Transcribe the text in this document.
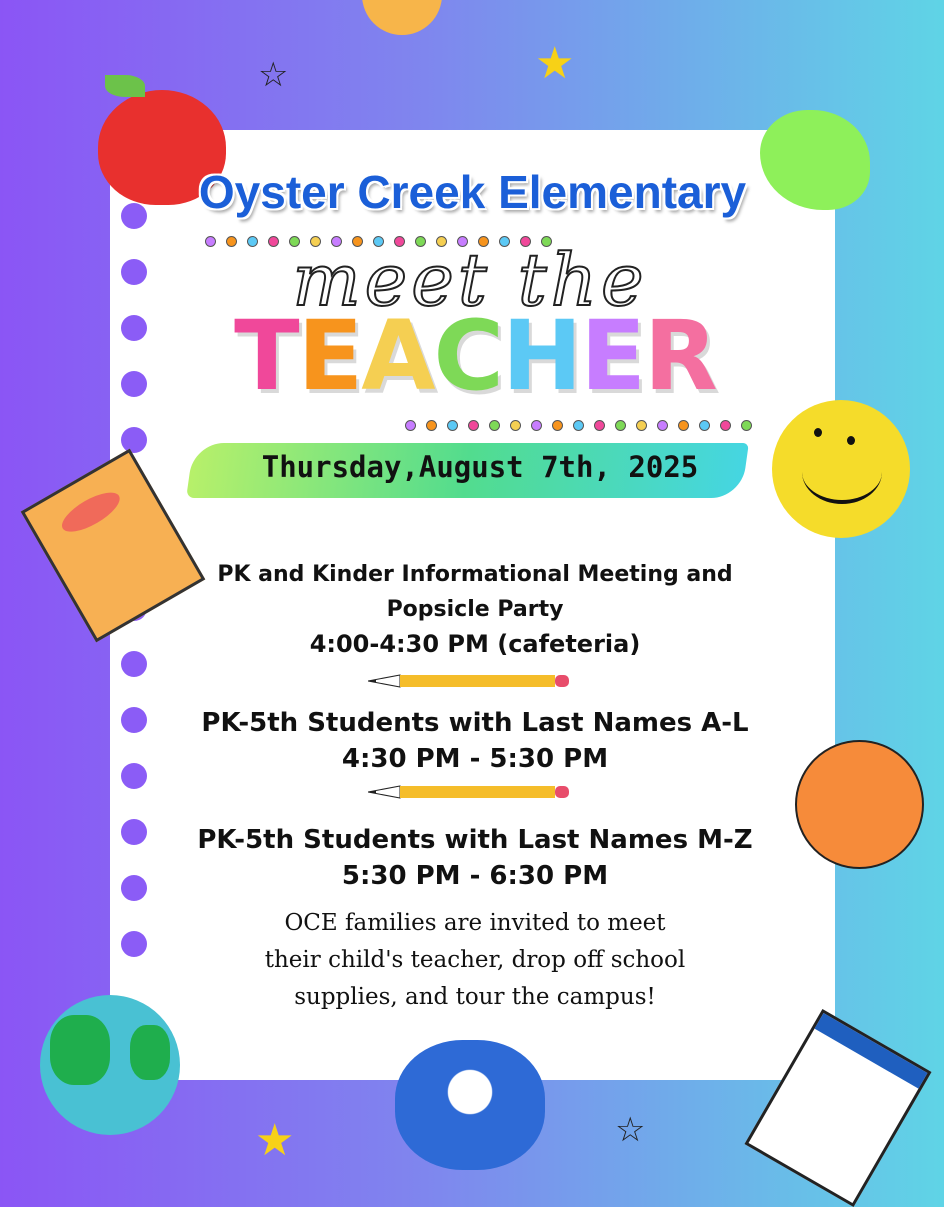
★
☆
★	☆
Oyster Creek Elementary
meet the
TEACHER
Thursday,August 7th, 2025
PK and Kinder Informational Meeting and
Popsicle Party
4:00-4:30 PM (cafeteria)
PK-5th Students with Last Names A-L
4:30 PM - 5:30 PM
PK-5th Students with Last Names M-Z
5:30 PM - 6:30 PM
OCE families are invited to meet
their child's teacher, drop off school
supplies, and tour the campus!
